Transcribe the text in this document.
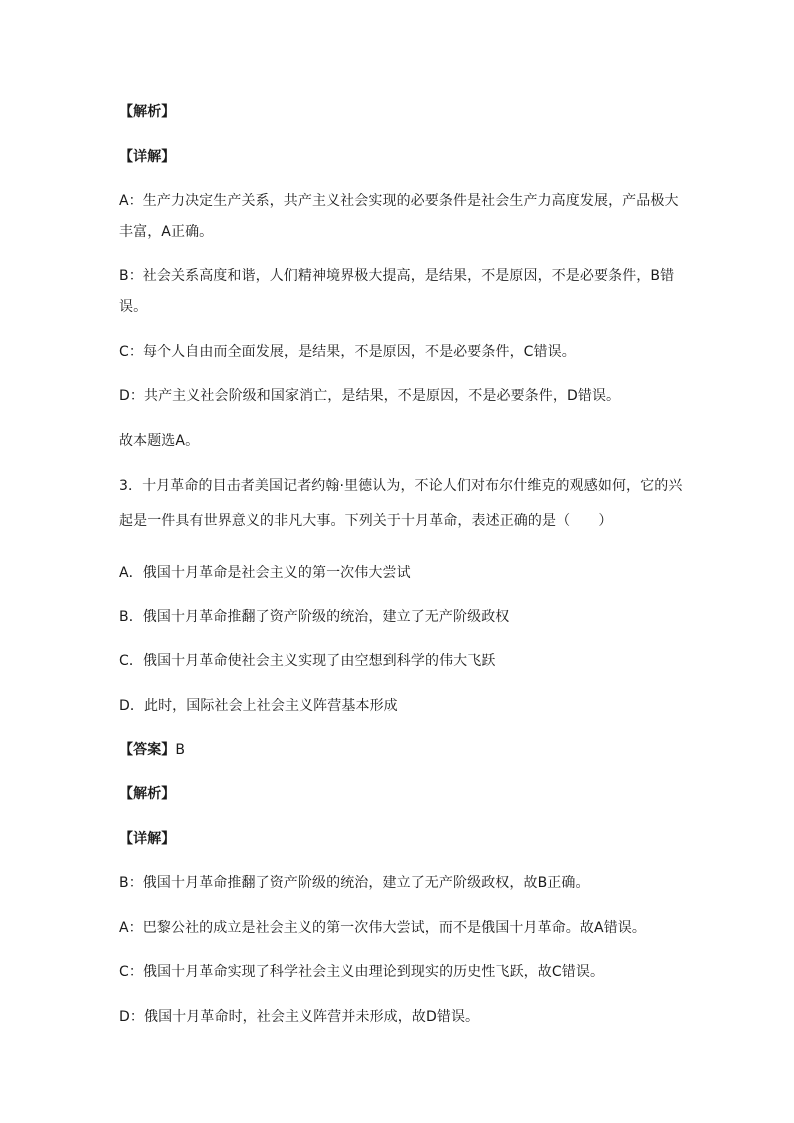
【解析】
【详解】
A：生产力决定生产关系，共产主义社会实现的必要条件是社会生产力高度发展，产品极大
丰富，A正确。
B：社会关系高度和谐，人们精神境界极大提高，是结果，不是原因，不是必要条件，B错
误。
C：每个人自由而全面发展，是结果，不是原因，不是必要条件，C错误。
D：共产主义社会阶级和国家消亡，是结果，不是原因，不是必要条件，D错误。
故本题选A。
3．十月革命的目击者美国记者约翰·里德认为，不论人们对布尔什维克的观感如何，它的兴
起是一件具有世界意义的非凡大事。下列关于十月革命，表述正确的是（　　）
A．俄国十月革命是社会主义的第一次伟大尝试
B．俄国十月革命推翻了资产阶级的统治，建立了无产阶级政权
C．俄国十月革命使社会主义实现了由空想到科学的伟大飞跃
D．此时，国际社会上社会主义阵营基本形成
【答案】B
【解析】
【详解】
B：俄国十月革命推翻了资产阶级的统治，建立了无产阶级政权，故B正确。
A：巴黎公社的成立是社会主义的第一次伟大尝试，而不是俄国十月革命。故A错误。
C：俄国十月革命实现了科学社会主义由理论到现实的历史性飞跃，故C错误。
D：俄国十月革命时，社会主义阵营并未形成，故D错误。
